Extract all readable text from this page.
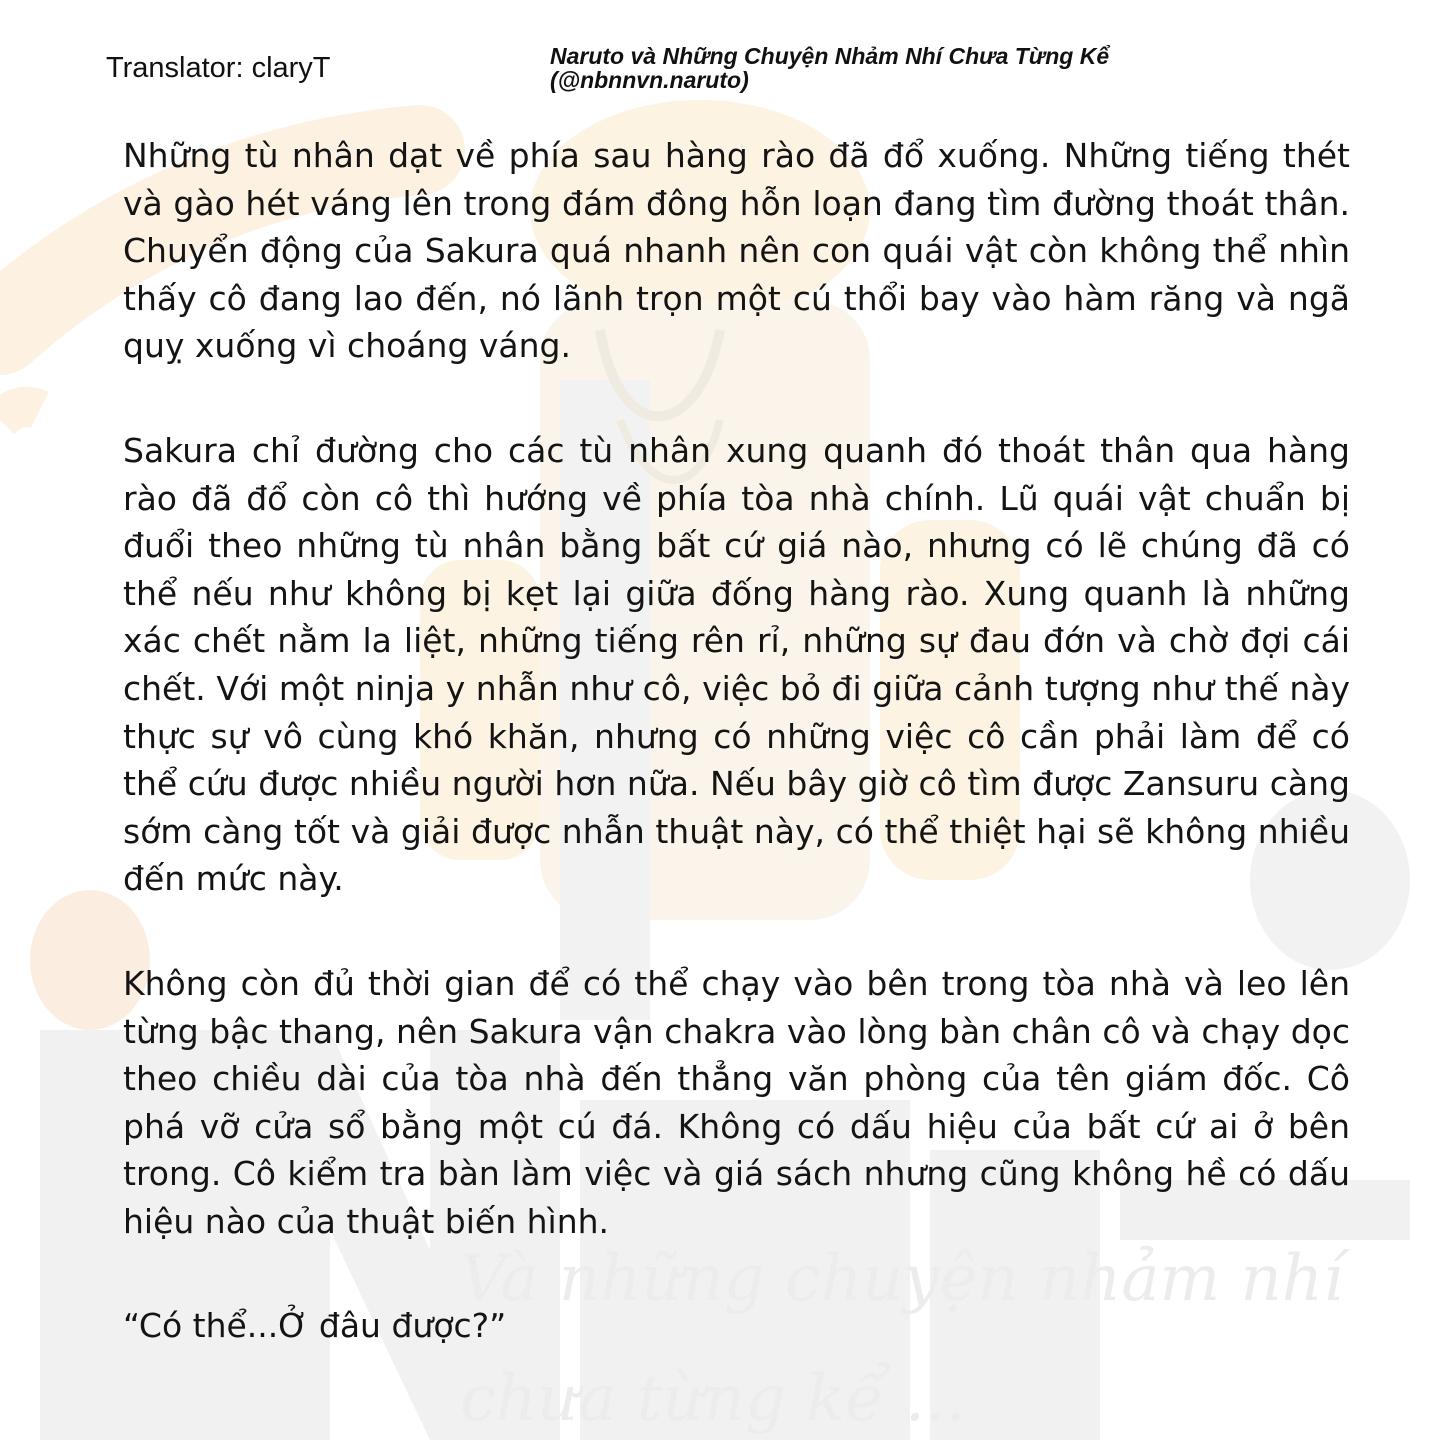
Và những chuyện nhảm nhí
chưa từng kể ...
Translator: claryT	Naruto và Những Chuyện Nhảm Nhí Chưa Từng Kể
(@nbnnvn.naruto)

Những tù nhân dạt về phía sau hàng rào đã đổ xuống. Những tiếng thét và gào hét váng lên trong đám đông hỗn loạn đang tìm đường thoát thân. Chuyển động của Sakura quá nhanh nên con quái vật còn không thể nhìn thấy cô đang lao đến, nó lãnh trọn một cú thổi bay vào hàm răng và ngã quỵ xuống vì choáng váng.

Sakura chỉ đường cho các tù nhân xung quanh đó thoát thân qua hàng rào đã đổ còn cô thì hướng về phía tòa nhà chính. Lũ quái vật chuẩn bị đuổi theo những tù nhân bằng bất cứ giá nào, nhưng có lẽ chúng đã có thể nếu như không bị kẹt lại giữa đống hàng rào. Xung quanh là những xác chết nằm la liệt, những tiếng rên rỉ, những sự đau đớn và chờ đợi cái chết. Với một ninja y nhẫn như cô, việc bỏ đi giữa cảnh tượng như thế này thực sự vô cùng khó khăn, nhưng có những việc cô cần phải làm để có thể cứu được nhiều người hơn nữa. Nếu bây giờ cô tìm được Zansuru càng sớm càng tốt và giải được nhẫn thuật này, có thể thiệt hại sẽ không nhiều đến mức này.

Không còn đủ thời gian để có thể chạy vào bên trong tòa nhà và leo lên từng bậc thang, nên Sakura vận chakra vào lòng bàn chân cô và chạy dọc theo chiều dài của tòa nhà đến thẳng văn phòng của tên giám đốc. Cô phá vỡ cửa sổ bằng một cú đá. Không có dấu hiệu của bất cứ ai ở bên trong. Cô kiểm tra bàn làm việc và giá sách nhưng cũng không hề có dấu hiệu nào của thuật biến hình.

“Có thể...Ở đâu được?”
